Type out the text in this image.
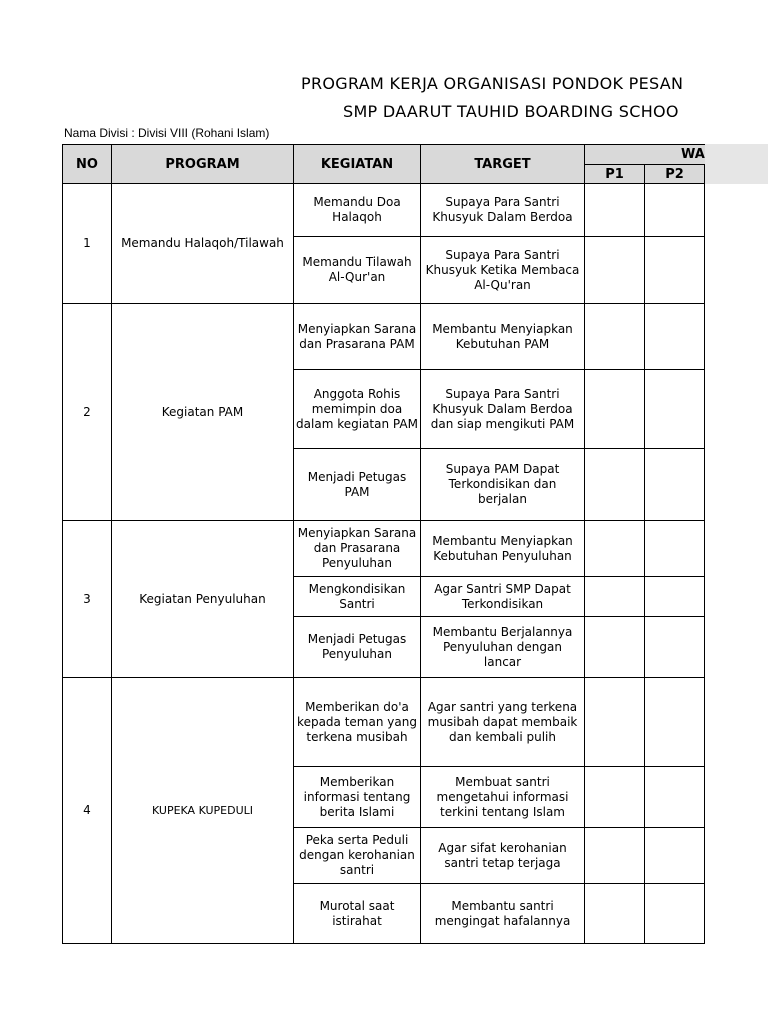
PROGRAM KERJA ORGANISASI PONDOK PESAN
SMP DAARUT TAUHID BOARDING SCHOO
Nama Divisi : Divisi VIII (Rohani Islam)
NO	PROGRAM	KEGIATAN	TARGET	WA		
				P1	P2	
1	Memandu Halaqoh/Tilawah	Memandu Doa Halaqoh	Supaya Para Santri Khusyuk Dalam Berdoa			
		Memandu Tilawah Al-Qur'an	Supaya Para Santri Khusyuk Ketika Membaca Al-Qu'ran			
2	Kegiatan PAM	Menyiapkan Sarana dan Prasarana PAM	Membantu Menyiapkan Kebutuhan PAM			
		Anggota Rohis memimpin doa dalam kegiatan PAM	Supaya Para Santri Khusyuk Dalam Berdoa dan siap mengikuti PAM			
		Menjadi Petugas PAM	Supaya PAM Dapat Terkondisikan dan berjalan			
3	Kegiatan Penyuluhan	Menyiapkan Sarana dan Prasarana Penyuluhan	Membantu Menyiapkan Kebutuhan Penyuluhan			
		Mengkondisikan Santri	Agar Santri SMP Dapat Terkondisikan			
		Menjadi Petugas Penyuluhan	Membantu Berjalannya Penyuluhan dengan lancar			
4	KUPEKA KUPEDULI	Memberikan do'a kepada teman yang terkena musibah	Agar santri yang terkena musibah dapat membaik dan kembali pulih			
		Memberikan informasi tentang berita Islami	Membuat santri mengetahui informasi terkini tentang Islam			
		Peka serta Peduli dengan kerohanian santri	Agar sifat kerohanian santri tetap terjaga			
		Murotal saat istirahat	Membantu santri mengingat hafalannya			
